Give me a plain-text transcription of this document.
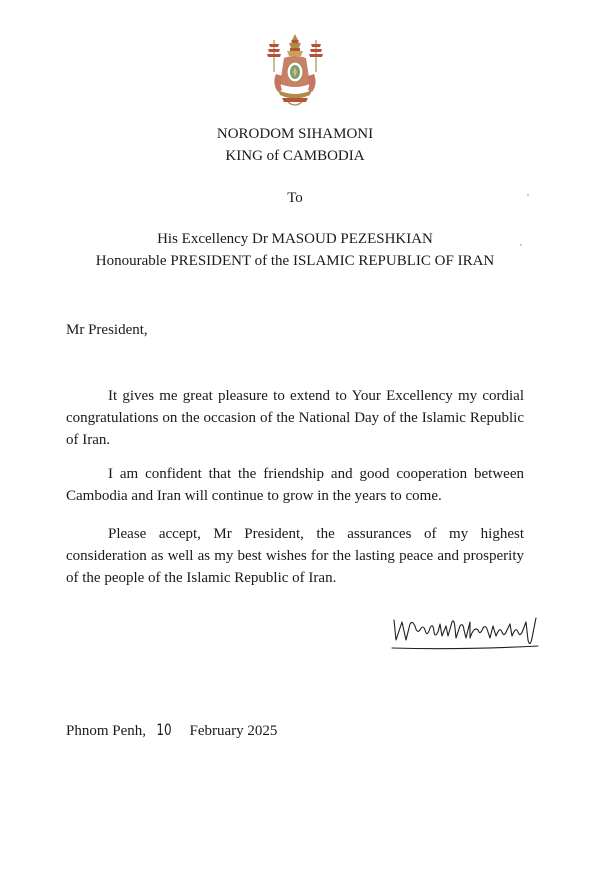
NORODOM SIHAMONI
KING of CAMBODIA
To
His Excellency Dr MASOUD PEZESHKIAN
Honourable PRESIDENT of the ISLAMIC REPUBLIC OF IRAN
Mr President,

It gives me great pleasure to extend to Your Excellency my cordial congratulations on the occasion of the National Day of the Islamic Republic of Iran.

I am confident that the friendship and good cooperation between Cambodia and Iran will continue to grow in the years to come.

Please accept, Mr President, the assurances of my highest consideration as well as my best wishes for the lasting peace and prosperity of the people of the Islamic Republic of Iran.

Phnom Penh, 10 February 2025
